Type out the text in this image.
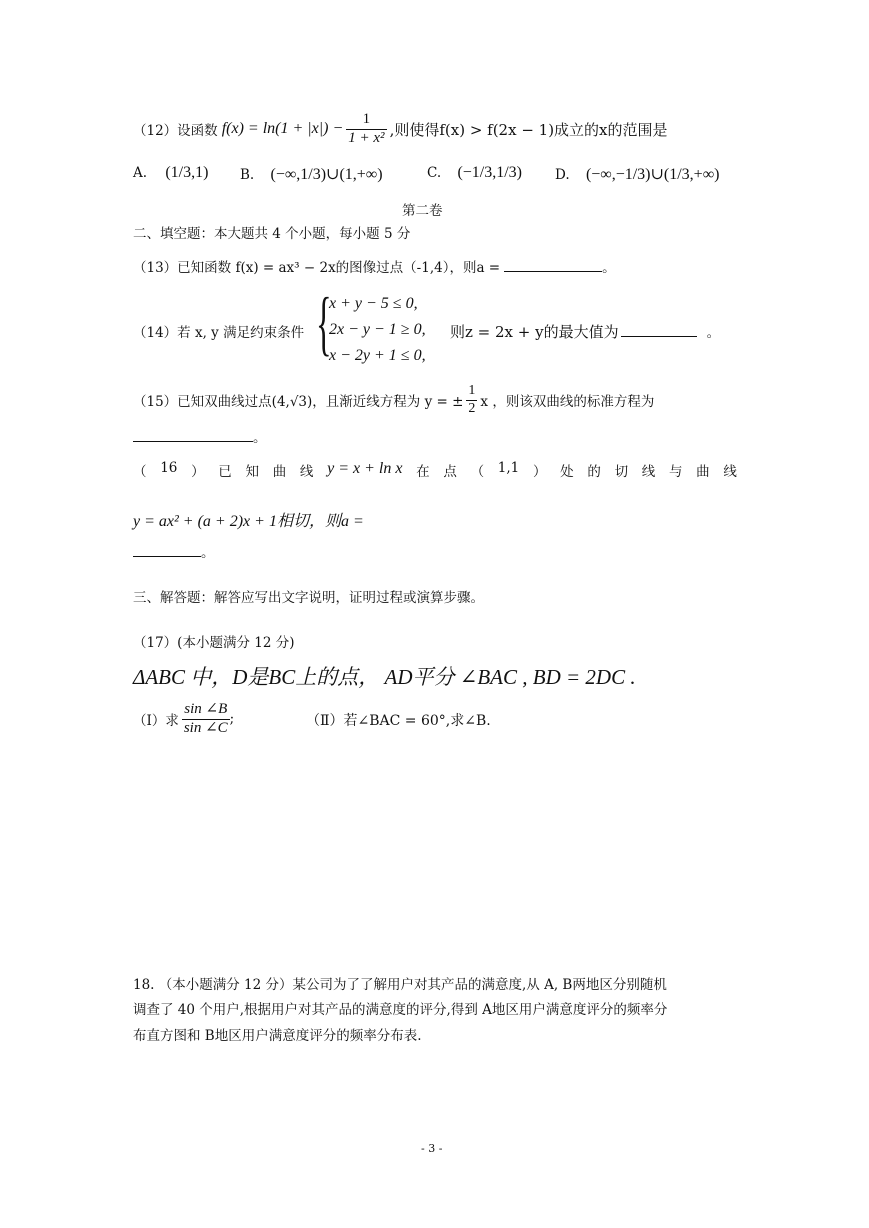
（12）设函数 $f(x) = \ln(1 + |x|) - \frac{1}{\text{1 + x²}}$ ,则使得f(x) > f(2x − 1)成立的x的范围是
A. (1/3,1) B. (−∞,1/3)∪(1,+∞)	C. (−1/3,1/3) D. (−∞,−1/3)∪(1/3,+∞)
第二卷
二、填空题：本大题共 4 个小题，每小题 5 分
（13）已知函数 f(x) = ax³ − 2x的图像过点（-1,4），则a =	。
（14）若 x, y 满足约束条件 {
x + y − 5 ≤ 0,
2x − y − 1 ≥ 0,
x − 2y + 1 ≤ 0,
则z = 2x + y的最大值为	。
（15）已知双曲线过点(4,√3)，且渐近线方程为 y = ± $\frac{1}{2}$ x ，则该双曲线的标准方程为
。
（ 16 ） 已 知 曲 线 y = x + ln x 在 点 （ 1,1 ） 处 的 切 线 与 曲 线
y = ax² + (a + 2)x + 1相切，则a =
。
三、解答题：解答应写出文字说明，证明过程或演算步骤。
（17）(本小题满分 12 分)
ΔABC 中，D是BC上的点， AD平分 ∠BAC , BD = 2DC .
（Ⅰ）求 $\frac{\sin \angle B}{\sin \angle C}$ ;	（Ⅱ）若∠BAC = 60°,求∠B.
18. （本小题满分 12 分）某公司为了了解用户对其产品的满意度,从 A, B两地区分别随机
调查了 40 个用户,根据用户对其产品的满意度的评分,得到 A地区用户满意度评分的频率分
布直方图和 B地区用户满意度评分的频率分布表.
- 3 -
